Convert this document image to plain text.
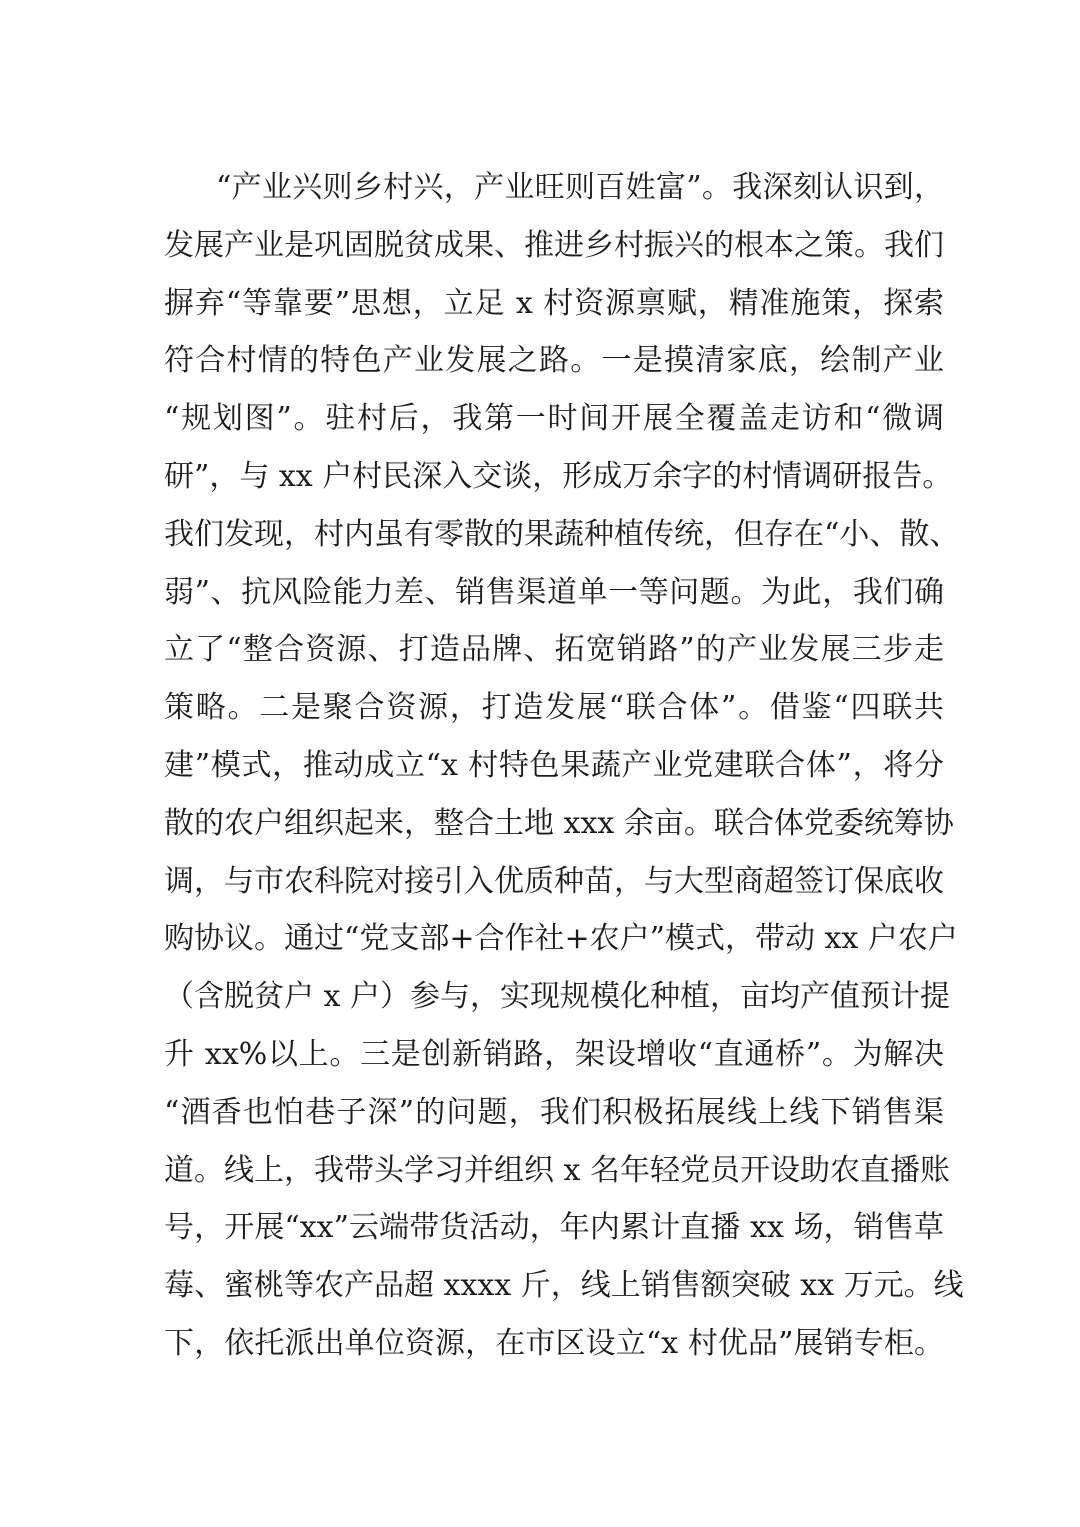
“产业兴则乡村兴，产业旺则百姓富”。我深刻认识到，
发展产业是巩固脱贫成果、推进乡村振兴的根本之策。我们
摒弃“等靠要”思想，立足 x 村资源禀赋，精准施策，探索
符合村情的特色产业发展之路。一是摸清家底，绘制产业
“规划图”。驻村后，我第一时间开展全覆盖走访和“微调
研”，与 xx 户村民深入交谈，形成万余字的村情调研报告。
我们发现，村内虽有零散的果蔬种植传统，但存在“小、散、
弱”、抗风险能力差、销售渠道单一等问题。为此，我们确
立了“整合资源、打造品牌、拓宽销路”的产业发展三步走
策略。二是聚合资源，打造发展“联合体”。借鉴“四联共
建”模式，推动成立“x 村特色果蔬产业党建联合体”，将分
散的农户组织起来，整合土地 xxx 余亩。联合体党委统筹协
调，与市农科院对接引入优质种苗，与大型商超签订保底收
购协议。通过“党支部+合作社+农户”模式，带动 xx 户农户
（含脱贫户 x 户）参与，实现规模化种植，亩均产值预计提
升 xx%以上。三是创新销路，架设增收“直通桥”。为解决
“酒香也怕巷子深”的问题，我们积极拓展线上线下销售渠
道。线上，我带头学习并组织 x 名年轻党员开设助农直播账
号，开展“xx”云端带货活动，年内累计直播 xx 场，销售草
莓、蜜桃等农产品超 xxxx 斤，线上销售额突破 xx 万元。线
下，依托派出单位资源，在市区设立“x 村优品”展销专柜。
